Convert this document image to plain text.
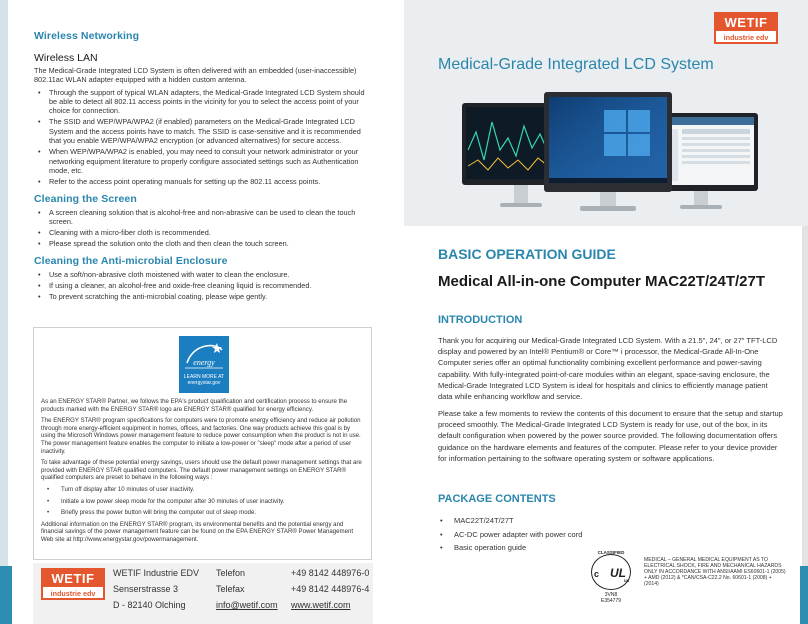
Wireless Networking
Wireless LAN

The Medical-Grade Integrated LCD System is often delivered with an embedded (user-inaccessible) 802.11ac WLAN adapter equipped with a hidden custom antenna.

• Through the support of typical WLAN adapters, the Medical-Grade Integrated LCD System should be able to detect all 802.11 access points in the vicinity for you to select the access point of your choice for connection.
• The SSID and WEP/WPA/WPA2 (if enabled) parameters on the Medical-Grade Integrated LCD System and the access points have to match. The SSID is case-sensitive and it is recommended that you enable WEP/WPA/WPA2 encryption (or advanced alternatives) for secure access.
• When WEP/WPA/WPA2 is enabled, you may need to consult your network administrator or your networking equipment literature to properly configure associated settings such as Authentication mode, etc.
• Refer to the access point operating manuals for setting up the 802.11 access points.
Cleaning the Screen
• A screen cleaning solution that is alcohol-free and non-abrasive can be used to clean the touch screen.
• Cleaning with a micro-fiber cloth is recommended.
• Please spread the solution onto the cloth and then clean the touch screen.
Cleaning the Anti-microbial Enclosure
• Use a soft/non-abrasive cloth moistened with water to clean the enclosure.
• If using a cleaner, an alcohol-free and oxide-free cleaning liquid is recommended.
• To prevent scratching the anti-microbial coating, please wipe gently.
energy
LEARN MORE AT
energystar.gov

As an ENERGY STAR® Partner, we follows the EPA's product qualification and certification process to ensure the products marked with the ENERGY STAR® logo are ENERGY STAR® qualified for energy efficiency.

The ENERGY STAR® program specifications for computers were to promote energy efficiency and reduce air pollution through more energy-efficient equipment in homes, offices, and factories. One way products achieve this goal is by using the Microsoft Windows power management feature to reduce power consumption when the product is not in use. The power management feature enables the computer to initiate a low-power or "sleep" mode after a period of user inactivity.

To take advantage of these potential energy savings, users should use the default power management settings that are provided with ENERGY STAR qualified computers. The default power management settings on ENERGY STAR® qualified computers are preset to behave in the following ways :

• Turn off display after 10 minutes of user inactivity.
• Initiate a low power sleep mode for the computer after 30 minutes of user inactivity.
• Briefly press the power button will bring the computer out of sleep mode.

Additional information on the ENERGY STAR® program, its environmental benefits and the potential energy and financial savings of the power management feature can be found on the EPA ENERGY STAR® Power Management Web site at http://www.energystar.gov/powermanagement.

WETIF
industrie edv
WETIF Industrie EDV
Senserstrasse 3
D - 82140 Olching
Telefon	+49 8142 448976-0
Telefax	+49 8142 448976-4
info@wetif.com www.wetif.com
WETIF
industrie edv
Medical-Grade Integrated LCD System
BASIC OPERATION GUIDE
Medical All-in-one Computer MAC22T/24T/27T
INTRODUCTION

Thank you for acquiring our Medical-Grade Integrated LCD System. With a 21.5", 24", or 27" TFT-LCD display and powered by an Intel® Pentium® or Core™ i processor, the Medical-Grade All-In-One Computer series offer an optimal functionality combining excellent performance and power-saving capability. With fully-integrated point-of-care modules within an elegant, space-saving enclosure, the Medical-Grade Integrated LCD System is ideal for hospitals and clinics to efficiently manage patient data while enhancing workflow and service.

Please take a few moments to review the contents of this document to ensure that the setup and startup proceed smoothly. The Medical-Grade Integrated LCD System is ready for use, out of the box, in its default configuration when powered by the power source provided. The following documentation offers guidance on the hardware elements and features of the computer. Please refer to your device provider for information pertaining to the software operating system or software applications.

PACKAGE CONTENTS
• MAC22T/24T/27T
• AC-DC power adapter with power cord
• Basic operation guide
CLASSIFIED
c UL
us
3VN8
E354779
MEDICAL – GENERAL MEDICAL EQUIPMENT AS TO ELECTRICAL SHOCK, FIRE AND MECHANICAL HAZARDS ONLY IN ACCORDANCE WITH ANSI/AAMI ES60601-1 (2005) + AMD (2012) & *CAN/CSA-C22.2 No. 60601-1 (2008) + (2014)
